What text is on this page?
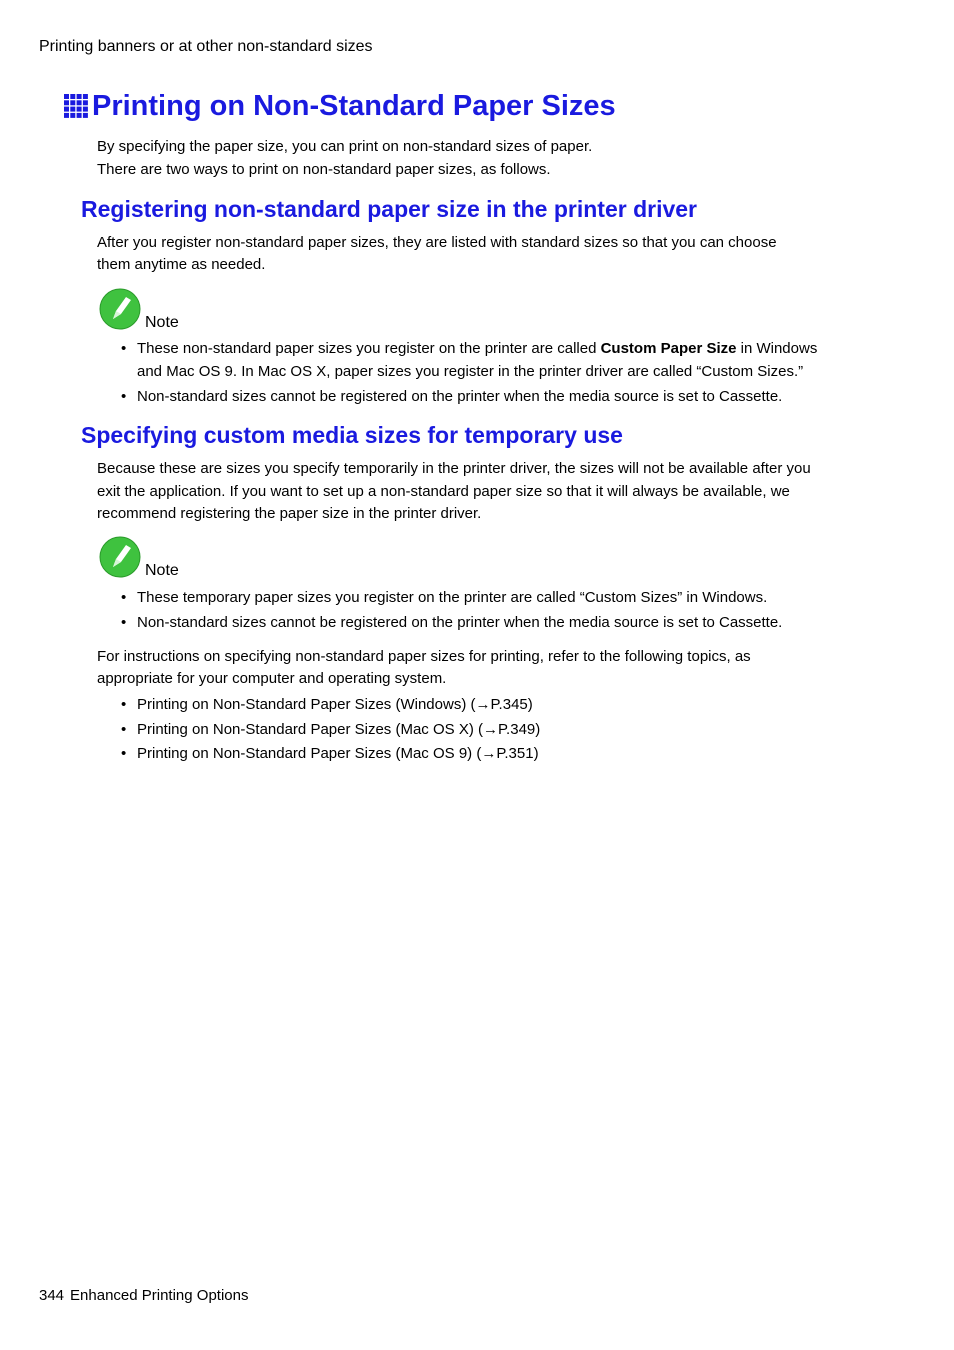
Printing banners or at other non-standard sizes
Printing on Non-Standard Paper Sizes
By specifying the paper size, you can print on non-standard sizes of paper.
There are two ways to print on non-standard paper sizes, as follows.
Registering non-standard paper size in the printer driver
After you register non-standard paper sizes, they are listed with standard sizes so that you can choose
them anytime as needed.
Note
• These non-standard paper sizes you register on the printer are called Custom Paper Size in Windows
and Mac OS 9. In Mac OS X, paper sizes you register in the printer driver are called “Custom Sizes.”
• Non-standard sizes cannot be registered on the printer when the media source is set to Cassette.
Specifying custom media sizes for temporary use
Because these are sizes you specify temporarily in the printer driver, the sizes will not be available after you
exit the application. If you want to set up a non-standard paper size so that it will always be available, we
recommend registering the paper size in the printer driver.
Note
• These temporary paper sizes you register on the printer are called “Custom Sizes” in Windows.
• Non-standard sizes cannot be registered on the printer when the media source is set to Cassette.
For instructions on specifying non-standard paper sizes for printing, refer to the following topics, as
appropriate for your computer and operating system.
• Printing on Non-Standard Paper Sizes (Windows) (→P.345)
• Printing on Non-Standard Paper Sizes (Mac OS X) (→P.349)
• Printing on Non-Standard Paper Sizes (Mac OS 9) (→P.351)
344 Enhanced Printing Options
